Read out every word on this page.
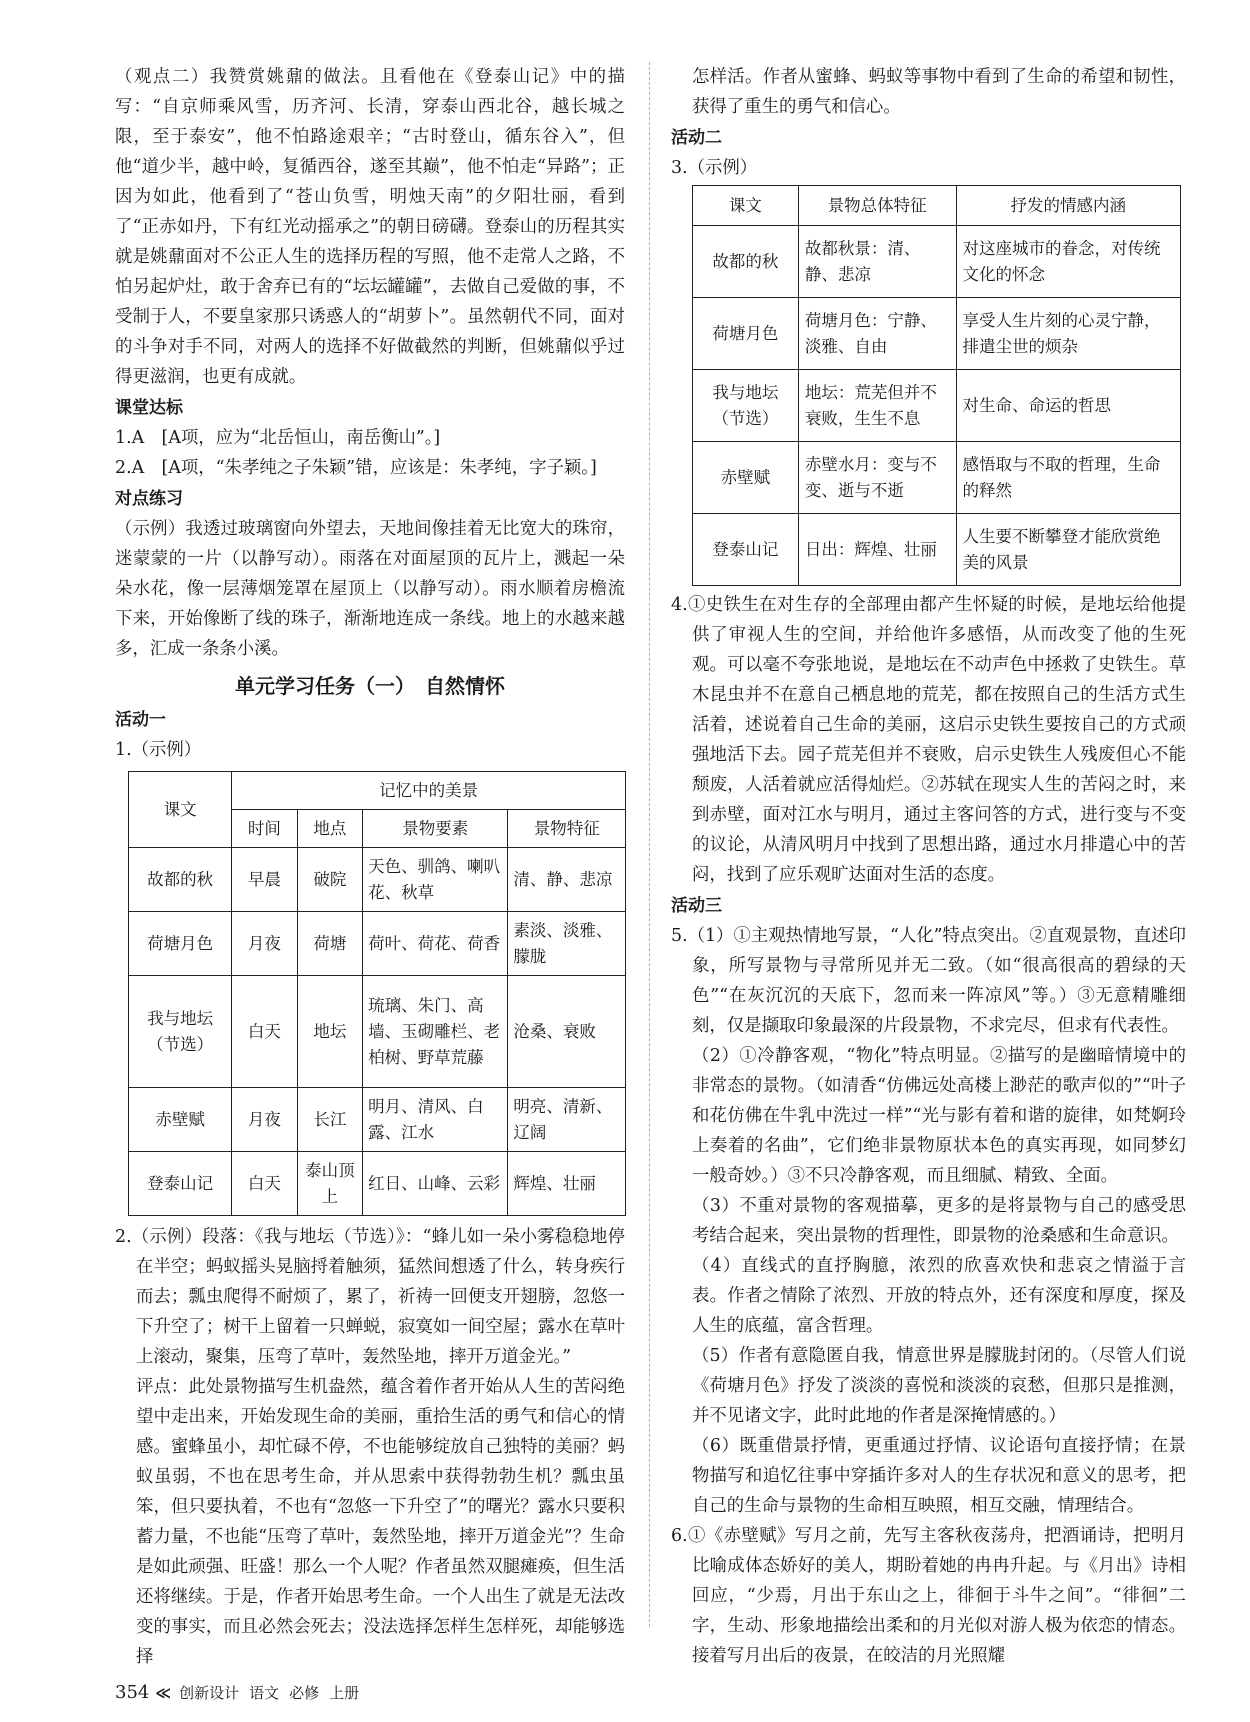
（观点二）我赞赏姚鼐的做法。且看他在《登泰山记》中的描写：“自京师乘风雪，历齐河、长清，穿泰山西北谷，越长城之限，至于泰安”，他不怕路途艰辛；“古时登山，循东谷入”，但他“道少半，越中岭，复循西谷，遂至其巅”，他不怕走“异路”；正因为如此，他看到了“苍山负雪，明烛天南”的夕阳壮丽，看到了“正赤如丹，下有红光动摇承之”的朝日磅礴。登泰山的历程其实就是姚鼐面对不公正人生的选择历程的写照，他不走常人之路，不怕另起炉灶，敢于舍弃已有的“坛坛罐罐”，去做自己爱做的事，不受制于人，不要皇家那只诱惑人的“胡萝卜”。虽然朝代不同，面对的斗争对手不同，对两人的选择不好做截然的判断，但姚鼐似乎过得更滋润，也更有成就。

课堂达标

1.A　[A项，应为“北岳恒山，南岳衡山”。]

2.A　[A项，“朱孝纯之子朱颖”错，应该是：朱孝纯，字子颖。]

对点练习

（示例）我透过玻璃窗向外望去，天地间像挂着无比宽大的珠帘，迷蒙蒙的一片（以静写动）。雨落在对面屋顶的瓦片上，溅起一朵朵水花，像一层薄烟笼罩在屋顶上（以静写动）。雨水顺着房檐流下来，开始像断了线的珠子，渐渐地连成一条线。地上的水越来越多，汇成一条条小溪。

单元学习任务（一）　自然情怀
活动一

1.（示例）

课文	记忆中的美景			
	时间	地点	景物要素	景物特征
故都的秋	早晨	破院	天色、驯鸽、喇叭花、秋草	清、静、悲凉
荷塘月色	月夜	荷塘	荷叶、荷花、荷香	素淡、淡雅、朦胧
我与地坛（节选）	白天	地坛	琉璃、朱门、高墙、玉砌雕栏、老柏树、野草荒藤	沧桑、衰败
赤壁赋	月夜	长江	明月、清风、白露、江水	明亮、清新、辽阔
登泰山记	白天	泰山顶上	红日、山峰、云彩	辉煌、壮丽

2.（示例）段落：《我与地坛（节选）》：“蜂儿如一朵小雾稳稳地停在半空；蚂蚁摇头晃脑捋着触须，猛然间想透了什么，转身疾行而去；瓢虫爬得不耐烦了，累了，祈祷一回便支开翅膀，忽悠一下升空了；树干上留着一只蝉蜕，寂寞如一间空屋；露水在草叶上滚动，聚集，压弯了草叶，轰然坠地，摔开万道金光。”

评点：此处景物描写生机盎然，蕴含着作者开始从人生的苦闷绝望中走出来，开始发现生命的美丽，重拾生活的勇气和信心的情感。蜜蜂虽小，却忙碌不停，不也能够绽放自己独特的美丽？蚂蚁虽弱，不也在思考生命，并从思索中获得勃勃生机？瓢虫虽笨，但只要执着，不也有“忽悠一下升空了”的曙光？露水只要积蓄力量，不也能“压弯了草叶，轰然坠地，摔开万道金光”？生命是如此顽强、旺盛！那么一个人呢？作者虽然双腿瘫痪，但生活还将继续。于是，作者开始思考生命。一个人出生了就是无法改变的事实，而且必然会死去；没法选择怎样生怎样死，却能够选择

怎样活。作者从蜜蜂、蚂蚁等事物中看到了生命的希望和韧性，获得了重生的勇气和信心。

活动二

3.（示例）

课文	景物总体特征	抒发的情感内涵
故都的秋	故都秋景：清、静、悲凉	对这座城市的眷念，对传统文化的怀念
荷塘月色	荷塘月色：宁静、淡雅、自由	享受人生片刻的心灵宁静，排遣尘世的烦杂
我与地坛（节选）	地坛：荒芜但并不衰败，生生不息	对生命、命运的哲思
赤壁赋	赤壁水月：变与不变、逝与不逝	感悟取与不取的哲理，生命的释然
登泰山记	日出：辉煌、壮丽	人生要不断攀登才能欣赏绝美的风景

4.①史铁生在对生存的全部理由都产生怀疑的时候，是地坛给他提供了审视人生的空间，并给他许多感悟，从而改变了他的生死观。可以毫不夸张地说，是地坛在不动声色中拯救了史铁生。草木昆虫并不在意自己栖息地的荒芜，都在按照自己的生活方式生活着，述说着自己生命的美丽，这启示史铁生要按自己的方式顽强地活下去。园子荒芜但并不衰败，启示史铁生人残废但心不能颓废，人活着就应活得灿烂。②苏轼在现实人生的苦闷之时，来到赤壁，面对江水与明月，通过主客问答的方式，进行变与不变的议论，从清风明月中找到了思想出路，通过水月排遣心中的苦闷，找到了应乐观旷达面对生活的态度。

活动三

5.（1）①主观热情地写景，“人化”特点突出。②直观景物，直述印象，所写景物与寻常所见并无二致。（如“很高很高的碧绿的天色”“在灰沉沉的天底下，忽而来一阵凉风”等。）③无意精雕细刻，仅是撷取印象最深的片段景物，不求完尽，但求有代表性。

（2）①冷静客观，“物化”特点明显。②描写的是幽暗情境中的非常态的景物。（如清香“仿佛远处高楼上渺茫的歌声似的”“叶子和花仿佛在牛乳中洗过一样”“光与影有着和谐的旋律，如梵婀玲上奏着的名曲”，它们绝非景物原状本色的真实再现，如同梦幻一般奇妙。）③不只冷静客观，而且细腻、精致、全面。

（3）不重对景物的客观描摹，更多的是将景物与自己的感受思考结合起来，突出景物的哲理性，即景物的沧桑感和生命意识。

（4）直线式的直抒胸臆，浓烈的欣喜欢快和悲哀之情溢于言表。作者之情除了浓烈、开放的特点外，还有深度和厚度，探及人生的底蕴，富含哲理。

（5）作者有意隐匿自我，情意世界是朦胧封闭的。（尽管人们说《荷塘月色》抒发了淡淡的喜悦和淡淡的哀愁，但那只是推测，并不见诸文字，此时此地的作者是深掩情感的。）

（6）既重借景抒情，更重通过抒情、议论语句直接抒情；在景物描写和追忆往事中穿插许多对人的生存状况和意义的思考，把自己的生命与景物的生命相互映照，相互交融，情理结合。

6.①《赤壁赋》写月之前，先写主客秋夜荡舟，把酒诵诗，把明月比喻成体态娇好的美人，期盼着她的冉冉升起。与《月出》诗相回应，“少焉，月出于东山之上，徘徊于斗牛之间”。“徘徊”二字，生动、形象地描绘出柔和的月光似对游人极为依恋的情态。接着写月出后的夜景，在皎洁的月光照耀

354 ≪ 创新设计 语文 必修 上册
